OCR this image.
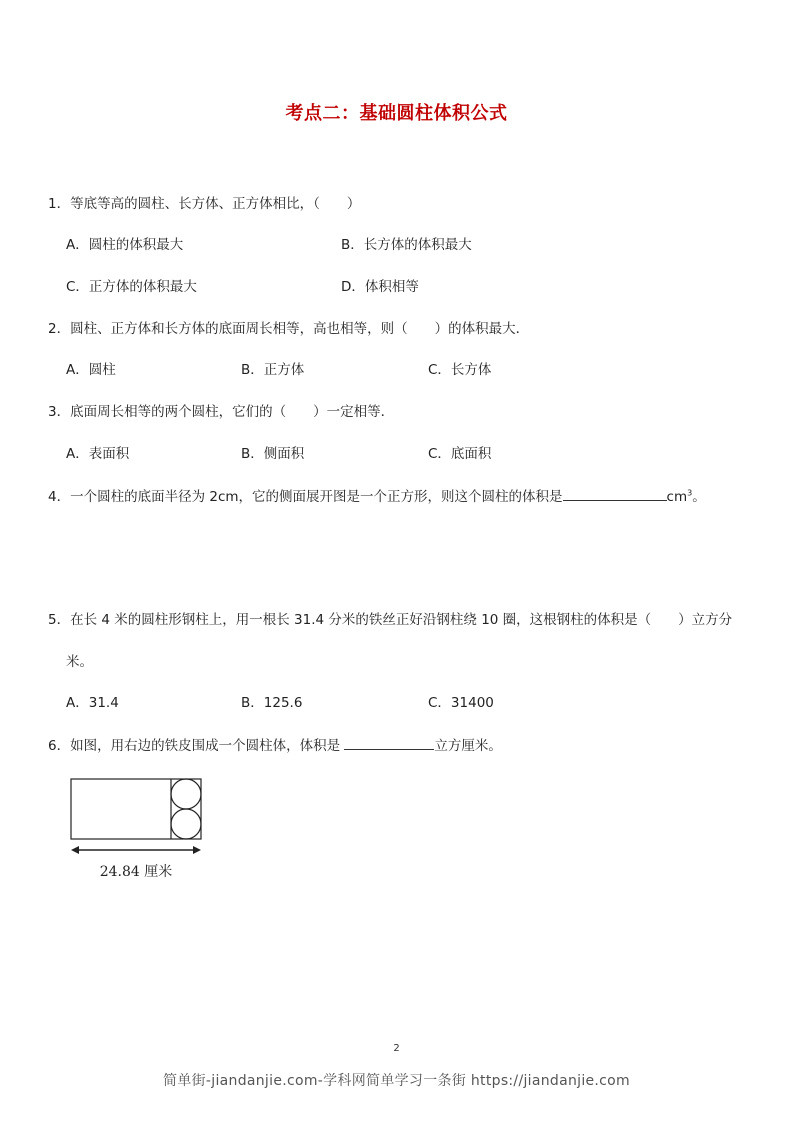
考点二：基础圆柱体积公式
1．等底等高的圆柱、长方体、正方体相比，（　　）
A．圆柱的体积最大	B．长方体的体积最大
C．正方体的体积最大	D．体积相等
2．圆柱、正方体和长方体的底面周长相等，高也相等，则（　　）的体积最大．
A．圆柱	B．正方体	C．长方体
3．底面周长相等的两个圆柱，它们的（　　）一定相等．
A．表面积	B．侧面积	C．底面积
4．一个圆柱的底面半径为 2cm，它的侧面展开图是一个正方形，则这个圆柱的体积是	$cm^3$。
5．在长 4 米的圆柱形钢柱上，用一根长 31.4 分米的铁丝正好沿钢柱绕 10 圈，这根钢柱的体积是（　　）立方分
米。
A．31.4	B．125.6	C．31400
6．如图，用右边的铁皮围成一个圆柱体，体积是	立方厘米。
24.84 厘米
2
简单街-jiandanjie.com-学科网简单学习一条街 https://jiandanjie.com
